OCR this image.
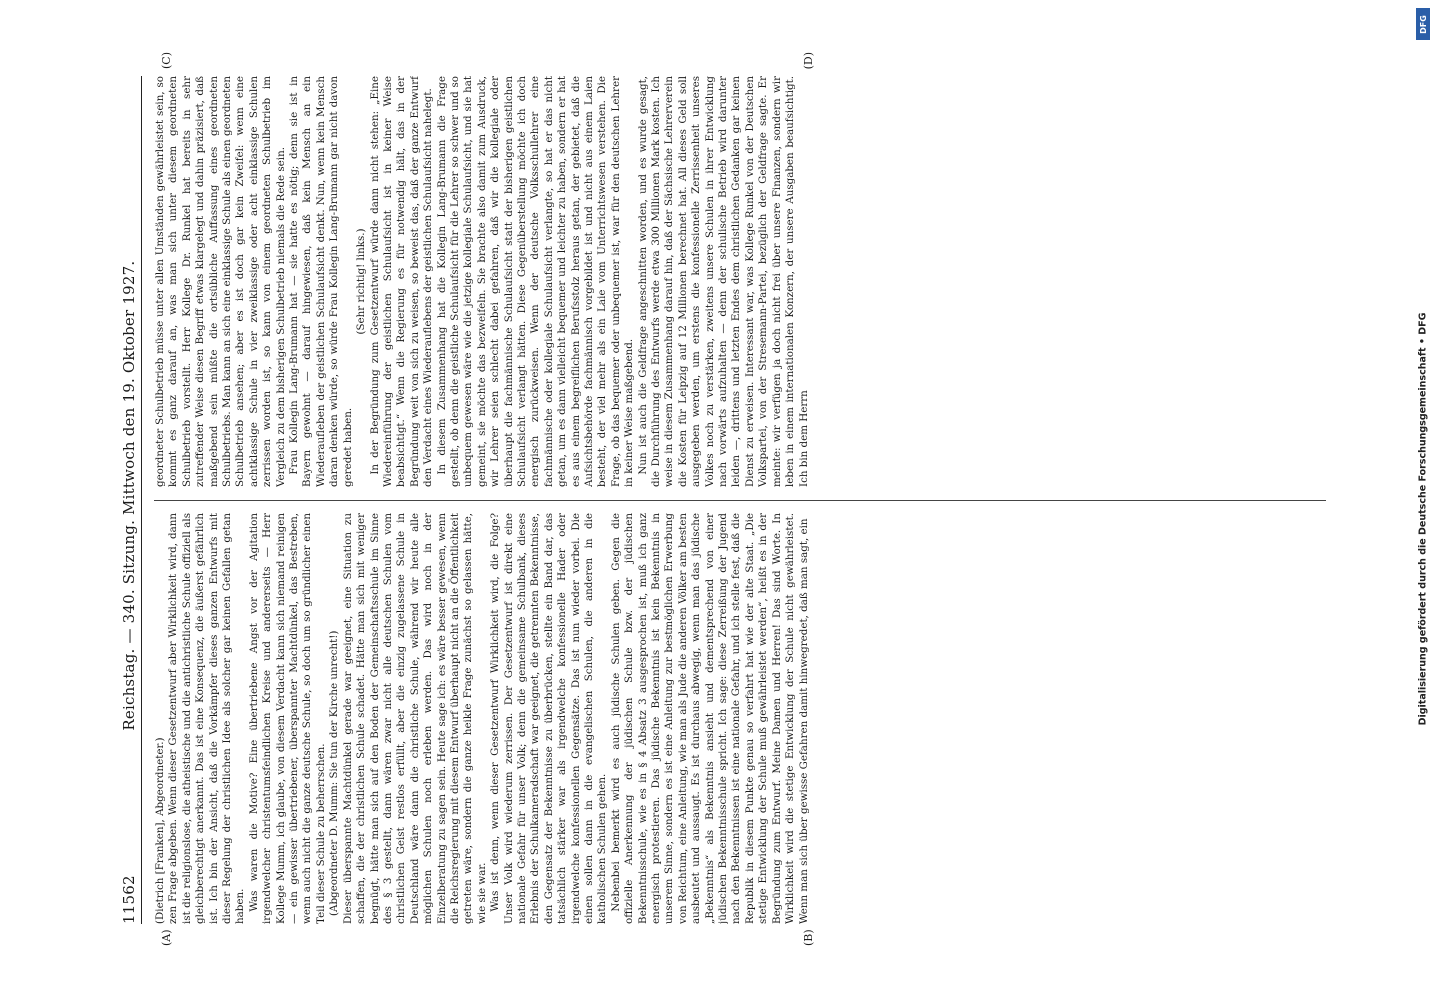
11562
Reichstag. — 340. Sitzung. Mittwoch den 19. Oktober 1927.

(Dietrich [Franken], Abgeordneter.) zen Frage abgeben. Wenn dieser Gesetzentwurf aber Wirklichkeit wird, dann ist die religionslose, die atheistische und die antichristliche Schule offiziell als gleichberechtigt anerkannt. Das ist eine Konsequenz, die äußerst gefährlich ist. Ich bin der Ansicht, daß die Vorkämpfer dieses ganzen Entwurfs mit dieser Regelung der christlichen Idee als solcher gar keinen Gefallen getan haben. Was waren die Motive? Eine übertriebene Angst vor der Agitation irgendwelcher christentumsfeindlichen Kreise und andererseits — Herr Kollege Mumm, ich glaube, von diesem Verdacht kann sich niemand reinigen — ein gewisser übertriebener, überspannter Machtdünkel, das Bestreben, wenn auch nicht die ganze deutsche Schule, so doch um so gründlicher einen Teil dieser Schule zu beherrschen. (Abgeordneter D. Mumm: Sie tun der Kirche unrecht!) Dieser überspannte Machtdünkel gerade war geeignet, eine Situation zu schaffen, die der christlichen Schule schadet. Hätte man sich mit weniger begnügt, hätte man sich auf den Boden der Gemeinschaftsschule im Sinne des § 3 gestellt, dann wären zwar nicht alle deutschen Schulen vom christlichen Geist restlos erfüllt, aber die einzig zugelassene Schule in Deutschland wäre dann die christliche Schule, während wir heute alle möglichen Schulen noch erleben werden. Das wird noch in der Einzelberatung zu sagen sein. Heute sage ich: es wäre besser gewesen, wenn die Reichsregierung mit diesem Entwurf überhaupt nicht an die Öffentlichkeit getreten wäre, sondern die ganze heikle Frage zunächst so gelassen hätte, wie sie war. Was ist denn, wenn dieser Gesetzentwurf Wirklichkeit wird, die Folge? Unser Volk wird wiederum zerrissen. Der Gesetzentwurf ist direkt eine nationale Gefahr für unser Volk; denn die gemeinsame Schulbank, dieses Erlebnis der Schulkameradschaft war geeignet, die getrennten Bekenntnisse, den Gegensatz der Bekenntnisse zu überbrücken, stellte ein Band dar, das tatsächlich stärker war als irgendwelche konfessionelle Hader oder irgendwelche konfessionellen Gegensätze. Das ist nun wieder vorbei. Die einen sollen dann in die evangelischen Schulen, die anderen in die katholischen Schulen gehen. Nebenbei bemerkt wird es auch jüdische Schulen geben. Gegen die offizielle Anerkennung der jüdischen Schule bzw. der jüdischen Bekenntnisschule, wie es in § 4 Absatz 3 ausgesprochen ist, muß ich ganz energisch protestieren. Das jüdische Bekenntnis ist kein Bekenntnis in unserem Sinne, sondern es ist eine Anleitung zur bestmöglichen Erwerbung von Reichtum, eine Anleitung, wie man als Jude die anderen Völker am besten ausbeutet und aussaugt. Es ist durchaus abwegig, wenn man das jüdische „Bekenntnis“ als Bekenntnis ansieht und dementsprechend von einer jüdischen Bekenntnisschule spricht. Ich sage: diese Zerreißung der Jugend nach den Bekenntnissen ist eine nationale Gefahr, und ich stelle fest, daß die Republik in diesem Punkte genau so verfahrt hat wie der alte Staat. „Die stetige Entwicklung der Schule muß gewährleistet werden“, heißt es in der Begründung zum Entwurf. Meine Damen und Herren! Das sind Worte. In Wirklichkeit wird die stetige Entwicklung der Schule nicht gewährleistet. Wenn man sich über gewisse Gefahren damit hinwegredet, daß man sagt, ein

geordneter Schulbetrieb müsse unter allen Umständen gewährleistet sein, so kommt es ganz darauf an, was man sich unter diesem geordneten Schulbetrieb vorstellt. Herr Kollege Dr. Runkel hat bereits in sehr zutreffender Weise diesen Begriff etwas klargelegt und dahin präzisiert, daß maßgebend sein müßte die ortsübliche Auffassung eines geordneten Schulbetriebs. Man kann an sich eine einklassige Schule als einen geordneten Schulbetrieb ansehen; aber es ist doch gar kein Zweifel: wenn eine achtklassige Schule in vier zweiklassige oder acht einklassige Schulen zerrissen worden ist, so kann von einem geordneten Schulbetrieb im Vergleich zu dem bisherigen Schulbetrieb niemals die Rede sein. Frau Kollegin Lang-Brumann hat — sie hatte es nötig; denn sie ist in Bayern gewohnt — darauf hingewiesen, daß kein Mensch an ein Wiederaufleben der geistlichen Schulaufsicht denkt. Nun, wenn kein Mensch daran denken würde, so würde Frau Kollegin Lang-Brumann gar nicht davon geredet haben.

(Sehr richtig! links.) In der Begründung zum Gesetzentwurf würde dann nicht stehen: „Eine Wiedereinführung der geistlichen Schulaufsicht ist in keiner Weise beabsichtigt.“ Wenn die Regierung es für notwendig hält, das in der Begründung weit von sich zu weisen, so beweist das, daß der ganze Entwurf den Verdacht eines Wiederauflebens der geistlichen Schulaufsicht nahelegt. In diesem Zusammenhang hat die Kollegin Lang-Brumann die Frage gestellt, ob denn die geistliche Schulaufsicht für die Lehrer so schwer und so unbequem gewesen wäre wie die jetzige kollegiale Schulaufsicht, und sie hat gemeint, sie möchte das bezweifeln. Sie brachte also damit zum Ausdruck, wir Lehrer seien schlecht dabei gefahren, daß wir die kollegiale oder überhaupt die fachmännische Schulaufsicht statt der bisherigen geistlichen Schulaufsicht verlangt hätten. Diese Gegenüberstellung möchte ich doch energisch zurückweisen. Wenn der deutsche Volksschullehrer eine fachmännische oder kollegiale Schulaufsicht verlangte, so hat er das nicht getan, um es dann vielleicht bequemer und leichter zu haben, sondern er hat es aus einem begreiflichen Berufsstolz heraus getan, der gebietet, daß die Aufsichtsbehörde fachmännisch vorgebildet ist und nicht aus einem Laien besteht, der viel mehr als ein Laie vom Unterrichtswesen verstehen. Die Frage, ob das bequemer oder unbequemer ist, war für den deutschen Lehrer in keiner Weise maßgebend. Nun ist auch die Geldfrage angeschnitten worden, und es wurde gesagt, die Durchführung des Entwurfs werde etwa 300 Millionen Mark kosten. Ich weise in diesem Zusammenhang darauf hin, daß der Sächsische Lehrerverein die Kosten für Leipzig auf 12 Millionen berechnet hat. All dieses Geld soll ausgegeben werden, um erstens die konfessionelle Zerrissenheit unseres Volkes noch zu verstärken, zweitens unsere Schulen in ihrer Entwicklung nach vorwärts aufzuhalten — denn der schulische Betrieb wird darunter leiden —, drittens und letzten Endes dem christlichen Gedanken gar keinen Dienst zu erweisen. Interessant war, was Kollege Runkel von der Deutschen Volkspartei, von der Stresemann-Partei, bezüglich der Geldfrage sagte. Er meinte: wir verfügen ja doch nicht frei über unsere Finanzen, sondern wir leben in einem internationalen Konzern, der unsere Ausgaben beaufsichtigt. Ich bin dem Herrn

(A)	(B)
(C)	(D)
DFG
Digitalisierung gefördert durch die Deutsche Forschungsgemeinschaft • DFG
